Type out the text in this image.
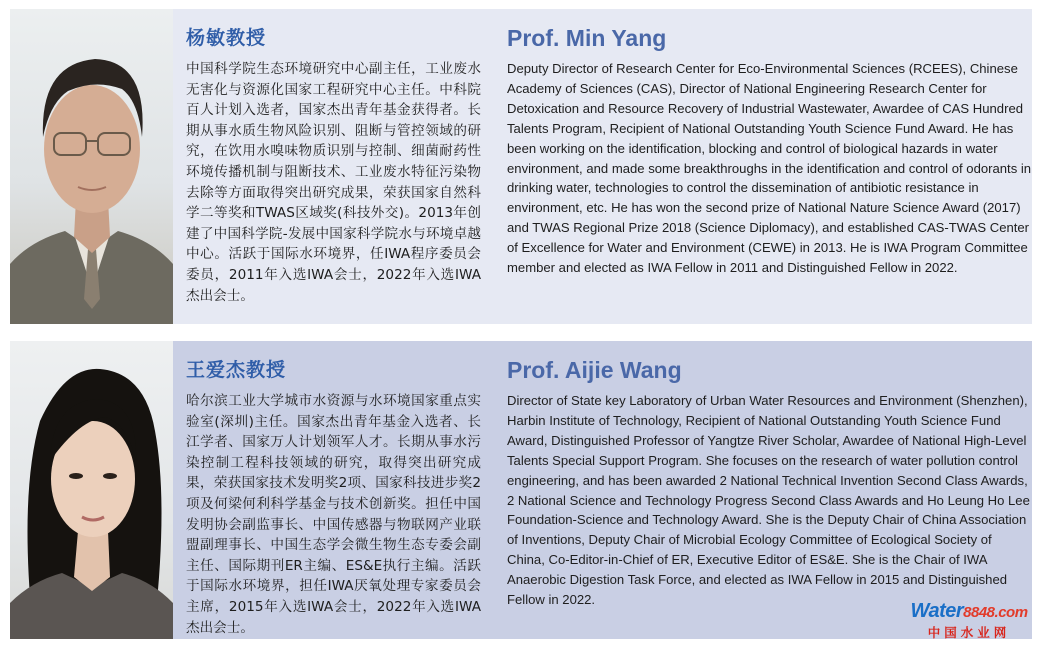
杨敏教授
中国科学院生态环境研究中心副主任，工业废水无害化与资源化国家工程研究中心主任。中科院百人计划入选者，国家杰出青年基金获得者。长期从事水质生物风险识别、阻断与管控领域的研究，在饮用水嗅味物质识别与控制、细菌耐药性环境传播机制与阻断技术、工业废水特征污染物去除等方面取得突出研究成果，荣获国家自然科学二等奖和TWAS区域奖(科技外交)。2013年创建了中国科学院-发展中国家科学院水与环境卓越中心。活跃于国际水环境界，任IWA程序委员会委员，2011年入选IWA会士，2022年入选IWA杰出会士。
Prof. Min Yang
Deputy Director of Research Center for Eco-Environmental Sciences (RCEES), Chinese Academy of Sciences (CAS), Director of National Engineering Research Center for Detoxication and Resource Recovery of Industrial Wastewater, Awardee of CAS Hundred Talents Program, Recipient of National Outstanding Youth Science Fund Award. He has been working on the identification, blocking and control of biological hazards in water environment, and made some breakthroughs in the identification and control of odorants in drinking water, technologies to control the dissemination of antibiotic resistance in environment, etc. He has won the second prize of National Nature Science Award (2017) and TWAS Regional Prize 2018 (Science Diplomacy), and established CAS-TWAS Center of Excellence for Water and Environment (CEWE) in 2013. He is IWA Program Committee member and elected as IWA Fellow in 2011 and Distinguished Fellow in 2022.
王爱杰教授
哈尔滨工业大学城市水资源与水环境国家重点实验室(深圳)主任。国家杰出青年基金入选者、长江学者、国家万人计划领军人才。长期从事水污染控制工程科技领域的研究，取得突出研究成果，荣获国家技术发明奖2项、国家科技进步奖2项及何梁何利科学基金与技术创新奖。担任中国发明协会副监事长、中国传感器与物联网产业联盟副理事长、中国生态学会微生物生态专委会副主任、国际期刊ER主编、ES&E执行主编。活跃于国际水环境界，担任IWA厌氧处理专家委员会主席，2015年入选IWA会士，2022年入选IWA杰出会士。
Prof. Aijie Wang
Director of State key Laboratory of Urban Water Resources and Environment (Shenzhen), Harbin Institute of Technology, Recipient of National Outstanding Youth Science Fund Award, Distinguished Professor of Yangtze River Scholar, Awardee of National High-Level Talents Special Support Program. She focuses on the research of water pollution control engineering, and has been awarded 2 National Technical Invention Second Class Awards, 2 National Science and Technology Progress Second Class Awards and Ho Leung Ho Lee Foundation-Science and Technology Award. She is the Deputy Chair of China Association of Inventions, Deputy Chair of Microbial Ecology Committee of Ecological Society of China, Co-Editor-in-Chief of ER, Executive Editor of ES&E. She is the Chair of IWA Anaerobic Digestion Task Force, and elected as IWA Fellow in 2015 and Distinguished Fellow in 2022.
Water8848.com
中国水业网
